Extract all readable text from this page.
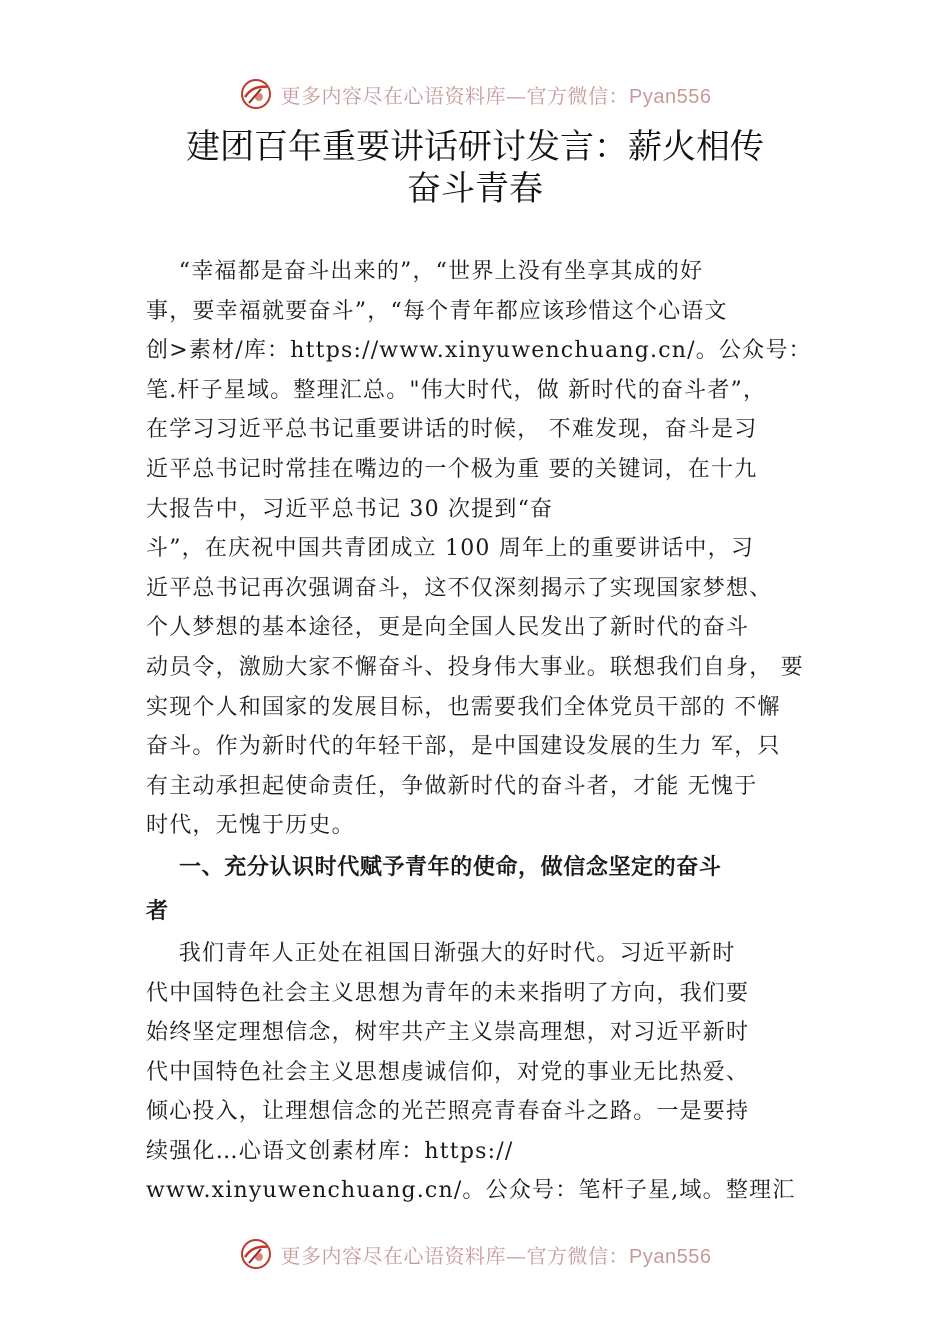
更多内容尽在心语资料库—官方微信：Pyan556
建团百年重要讲话研讨发言：薪火相传
奋斗青春
“幸福都是奋斗出来的”，“世界上没有坐享其成的好
事，要幸福就要奋斗”，“每个青年都应该珍惜这个心语文
创>素材/库：https://www.xinyuwenchuang.cn/。公众号：
笔.杆子星域。整理汇总。"伟大时代，做 新时代的奋斗者”，
在学习习近平总书记重要讲话的时候， 不难发现，奋斗是习
近平总书记时常挂在嘴边的一个极为重 要的关键词，在十九
大报告中，习近平总书记 30 次提到“奋
斗”，在庆祝中国共青团成立 100 周年上的重要讲话中，习
近平总书记再次强调奋斗，这不仅深刻揭示了实现国家梦想、
个人梦想的基本途径，更是向全国人民发出了新时代的奋斗
动员令，激励大家不懈奋斗、投身伟大事业。联想我们自身， 要
实现个人和国家的发展目标，也需要我们全体党员干部的 不懈
奋斗。作为新时代的年轻干部，是中国建设发展的生力 军，只
有主动承担起使命责任，争做新时代的奋斗者，才能 无愧于
时代，无愧于历史。
一、充分认识时代赋予青年的使命，做信念坚定的奋斗
者
我们青年人正处在祖国日渐强大的好时代。习近平新时
代中国特色社会主义思想为青年的未来指明了方向，我们要
始终坚定理想信念，树牢共产主义崇高理想，对习近平新时
代中国特色社会主义思想虔诚信仰，对党的事业无比热爱、
倾心投入，让理想信念的光芒照亮青春奋斗之路。一是要持
续强化…心语文创素材库：https://
www.xinyuwenchuang.cn/。公众号：笔杆子星,域。整理汇
更多内容尽在心语资料库—官方微信：Pyan556
